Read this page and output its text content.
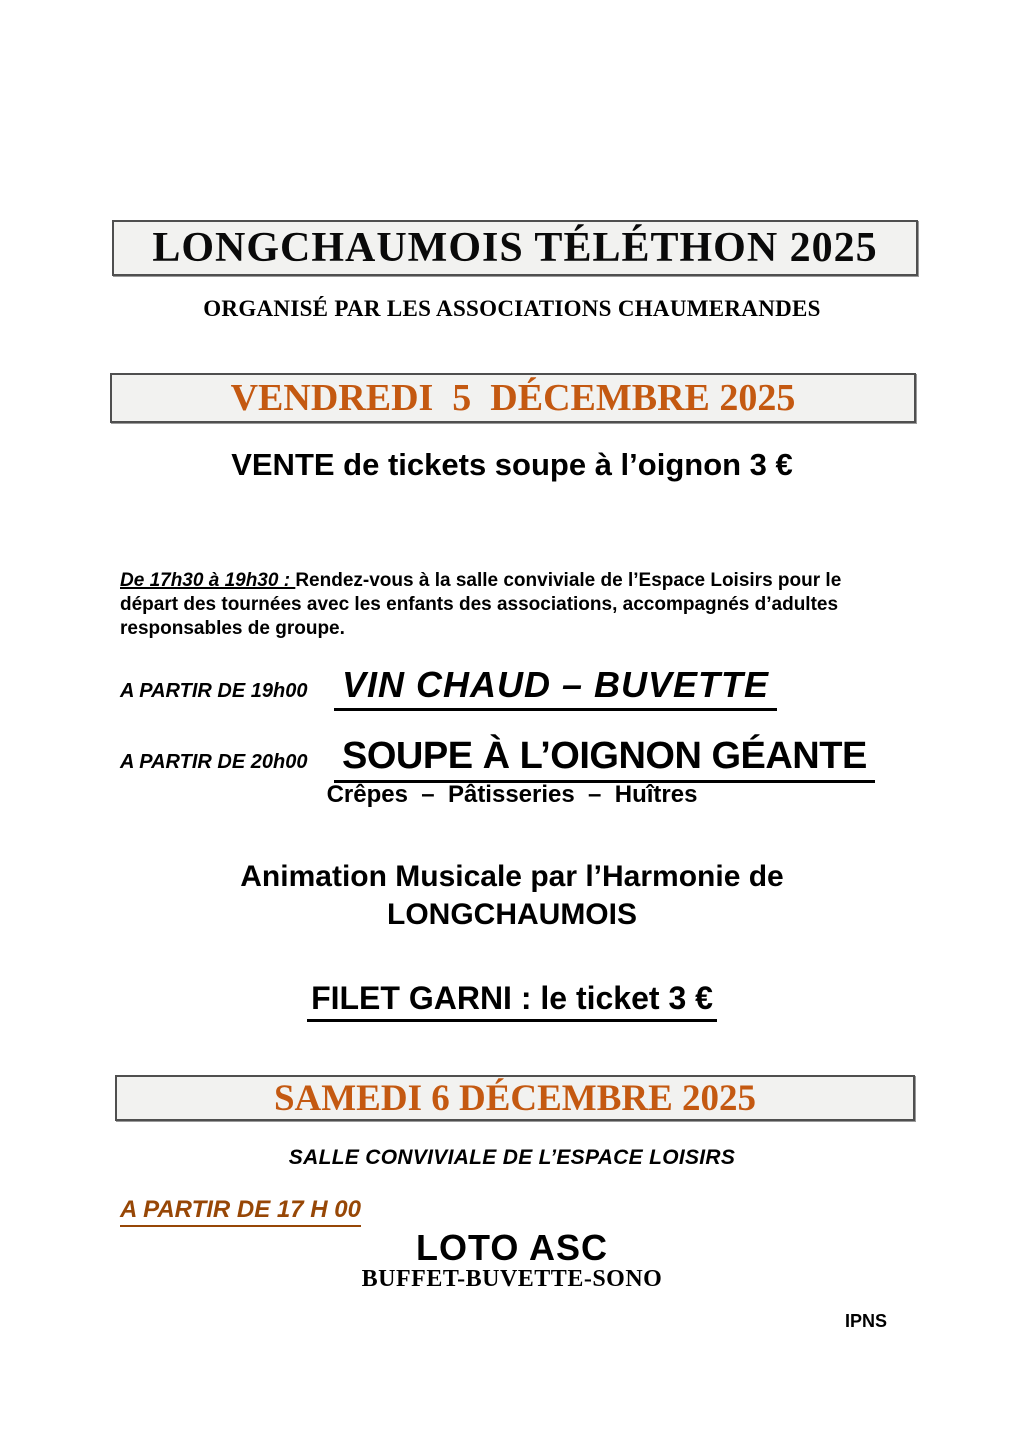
LONGCHAUMOIS TÉLÉTHON 2025
ORGANISÉ PAR LES ASSOCIATIONS CHAUMERANDES
VENDREDI  5  DÉCEMBRE 2025
VENTE de tickets soupe à l’oignon 3 €

De 17h30 à 19h30 : Rendez-vous à la salle conviviale de l’Espace Loisirs pour le
départ des tournées avec les enfants des associations, accompagnés d’adultes
responsables de groupe.

A PARTIR DE 19h00 VIN CHAUD – BUVETTE
A PARTIR DE 20h00 SOUPE À L’OIGNON GÉANTE
Crêpes  –  Pâtisseries  –  Huîtres
Animation Musicale par l’Harmonie de
LONGCHAUMOIS
FILET GARNI : le ticket 3 €
SAMEDI 6 DÉCEMBRE 2025
SALLE CONVIVIALE DE L’ESPACE LOISIRS
A PARTIR DE 17 H 00
LOTO ASC
BUFFET-BUVETTE-SONO
IPNS
